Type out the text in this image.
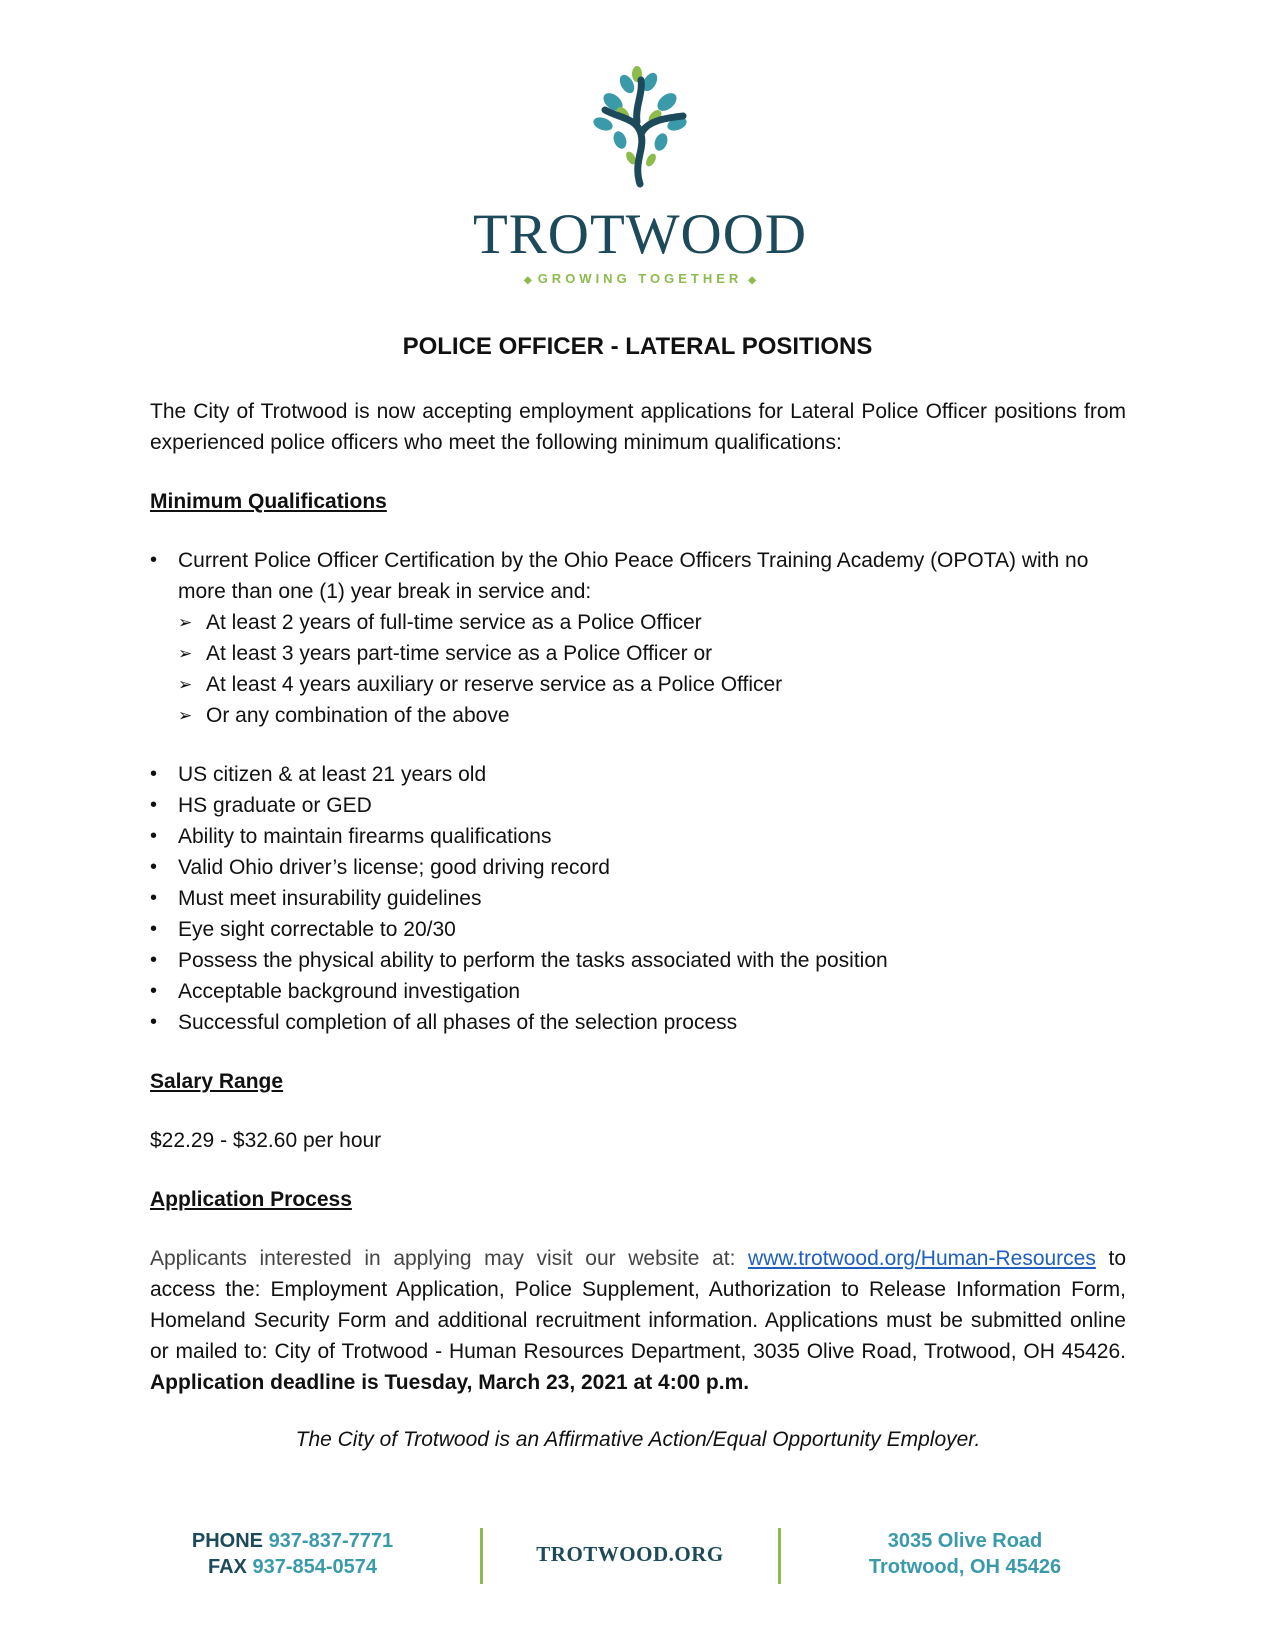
TROTWOOD
◆ GROWING TOGETHER ◆
POLICE OFFICER - LATERAL POSITIONS

The City of Trotwood is now accepting employment applications for Lateral Police Officer positions from experienced police officers who meet the following minimum qualifications:

Minimum Qualifications
• Current Police Officer Certification by the Ohio Peace Officers Training Academy (OPOTA) with no more than one (1) year break in service and:
➢ At least 2 years of full-time service as a Police Officer
➢ At least 3 years part-time service as a Police Officer or
➢ At least 4 years auxiliary or reserve service as a Police Officer
➢ Or any combination of the above
• US citizen & at least 21 years old
• HS graduate or GED
• Ability to maintain firearms qualifications
• Valid Ohio driver’s license; good driving record
• Must meet insurability guidelines
• Eye sight correctable to 20/30
• Possess the physical ability to perform the tasks associated with the position
• Acceptable background investigation
• Successful completion of all phases of the selection process
Salary Range

$22.29 - $32.60 per hour

Application Process

Applicants interested in applying may visit our website at: www.trotwood.org/Human-Resources to access the: Employment Application, Police Supplement, Authorization to Release Information Form, Homeland Security Form and additional recruitment information. Applications must be submitted online or mailed to: City of Trotwood - Human Resources Department, 3035 Olive Road, Trotwood, OH 45426. Application deadline is Tuesday, March 23, 2021 at 4:00 p.m.

The City of Trotwood is an Affirmative Action/Equal Opportunity Employer.

PHONE 937-837-7771
FAX 937-854-0574
TROTWOOD.ORG
3035 Olive Road
Trotwood, OH 45426
